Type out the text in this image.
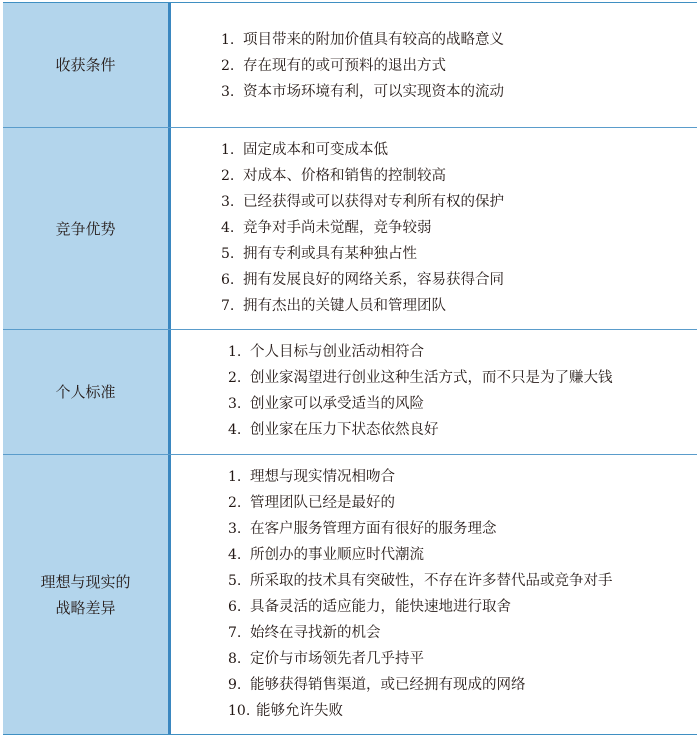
收获条件
1. 项目带来的附加价值具有较高的战略意义
2. 存在现有的或可预料的退出方式
3. 资本市场环境有利，可以实现资本的流动
竞争优势
1. 固定成本和可变成本低
2. 对成本、价格和销售的控制较高
3. 已经获得或可以获得对专利所有权的保护
4. 竞争对手尚未觉醒，竞争较弱
5. 拥有专利或具有某种独占性
6. 拥有发展良好的网络关系，容易获得合同
7. 拥有杰出的关键人员和管理团队
个人标准
1. 个人目标与创业活动相符合
2. 创业家渴望进行创业这种生活方式，而不只是为了赚大钱
3. 创业家可以承受适当的风险
4. 创业家在压力下状态依然良好
理想与现实的
战略差异
1. 理想与现实情况相吻合
2. 管理团队已经是最好的
3. 在客户服务管理方面有很好的服务理念
4. 所创办的事业顺应时代潮流
5. 所采取的技术具有突破性，不存在许多替代品或竞争对手
6. 具备灵活的适应能力，能快速地进行取舍
7. 始终在寻找新的机会
8. 定价与市场领先者几乎持平
9. 能够获得销售渠道，或已经拥有现成的网络
10. 能够允许失败
